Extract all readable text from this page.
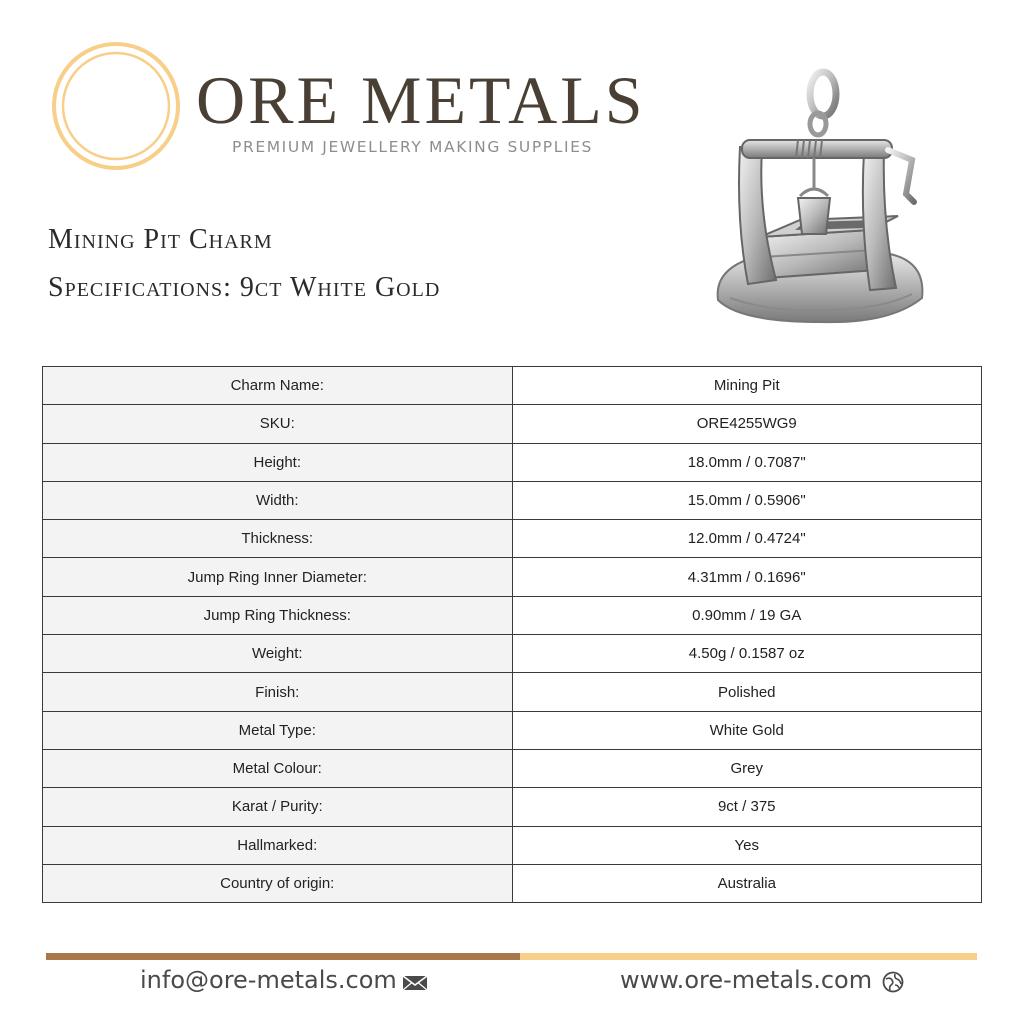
ORE METALS
PREMIUM JEWELLERY MAKING SUPPLIES
Mining Pit Charm
Specifications: 9ct White Gold
Charm Name:	Mining Pit
SKU:	ORE4255WG9
Height:	18.0mm / 0.7087"
Width:	15.0mm / 0.5906"
Thickness:	12.0mm / 0.4724"
Jump Ring Inner Diameter:	4.31mm / 0.1696"
Jump Ring Thickness:	0.90mm / 19 GA
Weight:	4.50g / 0.1587 oz
Finish:	Polished
Metal Type:	White Gold
Metal Colour:	Grey
Karat / Purity:	9ct / 375
Hallmarked:	Yes
Country of origin:	Australia
info@ore-metals.com	www.ore-metals.com
